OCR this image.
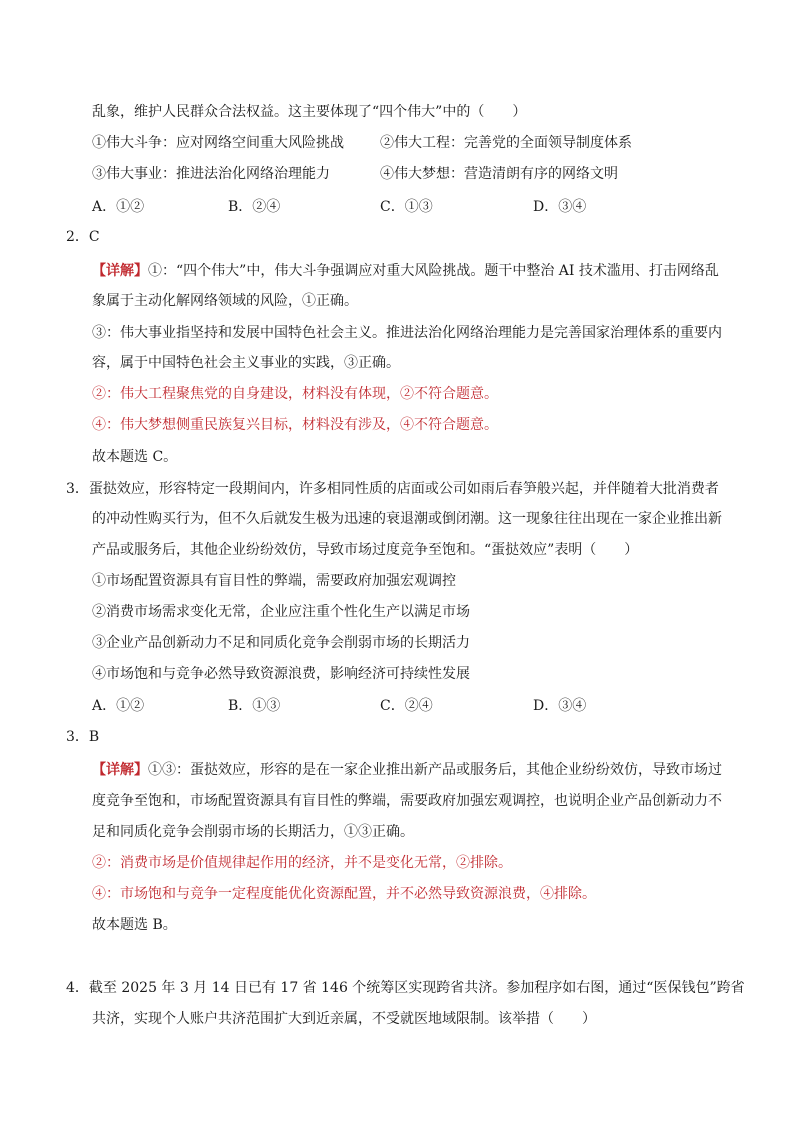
乱象，维护人民群众合法权益。这主要体现了“四个伟大”中的（　　）
①伟大斗争：应对网络空间重大风险挑战	②伟大工程：完善党的全面领导制度体系
③伟大事业：推进法治化网络治理能力	④伟大梦想：营造清朗有序的网络文明
A．①②	B．②④	C．①③	D．③④
2．C
【详解】①：“四个伟大”中，伟大斗争强调应对重大风险挑战。题干中整治 AI 技术滥用、打击网络乱
象属于主动化解网络领域的风险，①正确。
③：伟大事业指坚持和发展中国特色社会主义。推进法治化网络治理能力是完善国家治理体系的重要内
容，属于中国特色社会主义事业的实践，③正确。
②：伟大工程聚焦党的自身建设，材料没有体现，②不符合题意。
④：伟大梦想侧重民族复兴目标，材料没有涉及，④不符合题意。
故本题选 C。
3．蛋挞效应，形容特定一段期间内，许多相同性质的店面或公司如雨后春笋般兴起，并伴随着大批消费者
的冲动性购买行为，但不久后就发生极为迅速的衰退潮或倒闭潮。这一现象往往出现在一家企业推出新
产品或服务后，其他企业纷纷效仿，导致市场过度竞争至饱和。“蛋挞效应”表明（　　）
①市场配置资源具有盲目性的弊端，需要政府加强宏观调控
②消费市场需求变化无常，企业应注重个性化生产以满足市场
③企业产品创新动力不足和同质化竞争会削弱市场的长期活力
④市场饱和与竞争必然导致资源浪费，影响经济可持续性发展
A．①②	B．①③	C．②④	D．③④
3．B
【详解】①③：蛋挞效应，形容的是在一家企业推出新产品或服务后，其他企业纷纷效仿，导致市场过
度竞争至饱和，市场配置资源具有盲目性的弊端，需要政府加强宏观调控，也说明企业产品创新动力不
足和同质化竞争会削弱市场的长期活力，①③正确。
②：消费市场是价值规律起作用的经济，并不是变化无常，②排除。
④：市场饱和与竞争一定程度能优化资源配置，并不必然导致资源浪费，④排除。
故本题选 B。
4．截至 2025 年 3 月 14 日已有 17 省 146 个统筹区实现跨省共济。参加程序如右图，通过“医保钱包”跨省
共济，实现个人账户共济范围扩大到近亲属，不受就医地域限制。该举措（　　）
